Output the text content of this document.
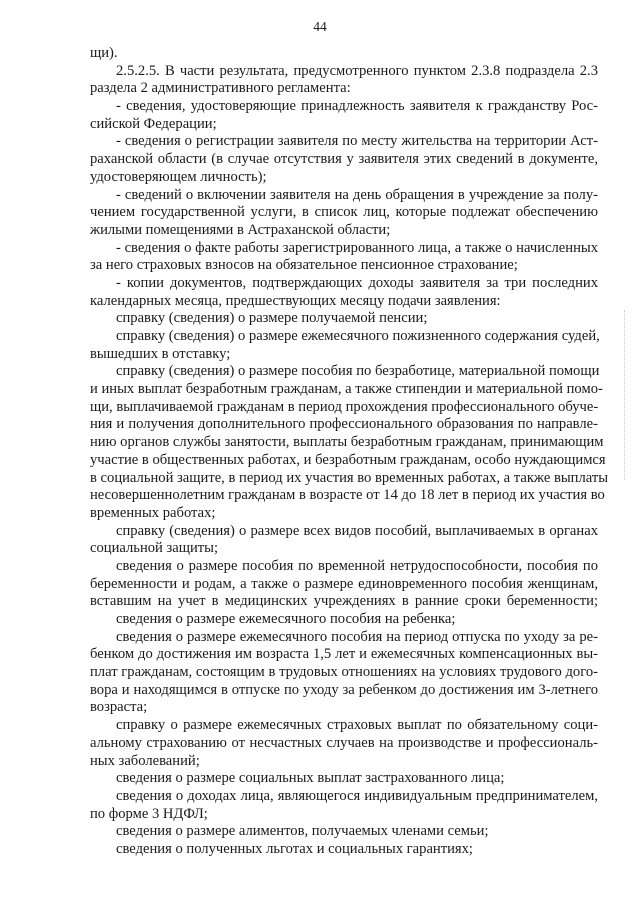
44
щи).
2.5.2.5. В части результата, предусмотренного пунктом 2.3.8 подраздела 2.3
раздела 2 административного регламента:
- сведения, удостоверяющие принадлежность заявителя к гражданству Рос-
сийской Федерации;
- сведения о регистрации заявителя по месту жительства на территории Аст-
раханской области (в случае отсутствия у заявителя этих сведений в документе,
удостоверяющем личность);
- сведений о включении заявителя на день обращения в учреждение за полу-
чением государственной услуги, в список лиц, которые подлежат обеспечению
жилыми помещениями в Астраханской области;
- сведения о факте работы зарегистрированного лица, а также о начисленных
за него страховых взносов на обязательное пенсионное страхование;
- копии документов, подтверждающих доходы заявителя за три последних
календарных месяца, предшествующих месяцу подачи заявления:
справку (сведения) о размере получаемой пенсии;
справку (сведения) о размере ежемесячного пожизненного содержания судей,
вышедших в отставку;
справку (сведения) о размере пособия по безработице, материальной помощи
и иных выплат безработным гражданам, а также стипендии и материальной помо-
щи, выплачиваемой гражданам в период прохождения профессионального обуче-
ния и получения дополнительного профессионального образования по направле-
нию органов службы занятости, выплаты безработным гражданам, принимающим
участие в общественных работах, и безработным гражданам, особо нуждающимся
в социальной защите, в период их участия во временных работах, а также выплаты
несовершеннолетним гражданам в возрасте от 14 до 18 лет в период их участия во
временных работах;
справку (сведения) о размере всех видов пособий, выплачиваемых в органах
социальной защиты;
сведения о размере пособия по временной нетрудоспособности, пособия по
беременности и родам, а также о размере единовременного пособия женщинам,
вставшим на учет в медицинских учреждениях в ранние сроки беременности;
сведения о размере ежемесячного пособия на ребенка;
сведения о размере ежемесячного пособия на период отпуска по уходу за ре-
бенком до достижения им возраста 1,5 лет и ежемесячных компенсационных вы-
плат гражданам, состоящим в трудовых отношениях на условиях трудового дого-
вора и находящимся в отпуске по уходу за ребенком до достижения им 3-летнего
возраста;
справку о размере ежемесячных страховых выплат по обязательному соци-
альному страхованию от несчастных случаев на производстве и профессиональ-
ных заболеваний;
сведения о размере социальных выплат застрахованного лица;
сведения о доходах лица, являющегося индивидуальным предпринимателем,
по форме 3 НДФЛ;
сведения о размере алиментов, получаемых членами семьи;
сведения о полученных льготах и социальных гарантиях;
